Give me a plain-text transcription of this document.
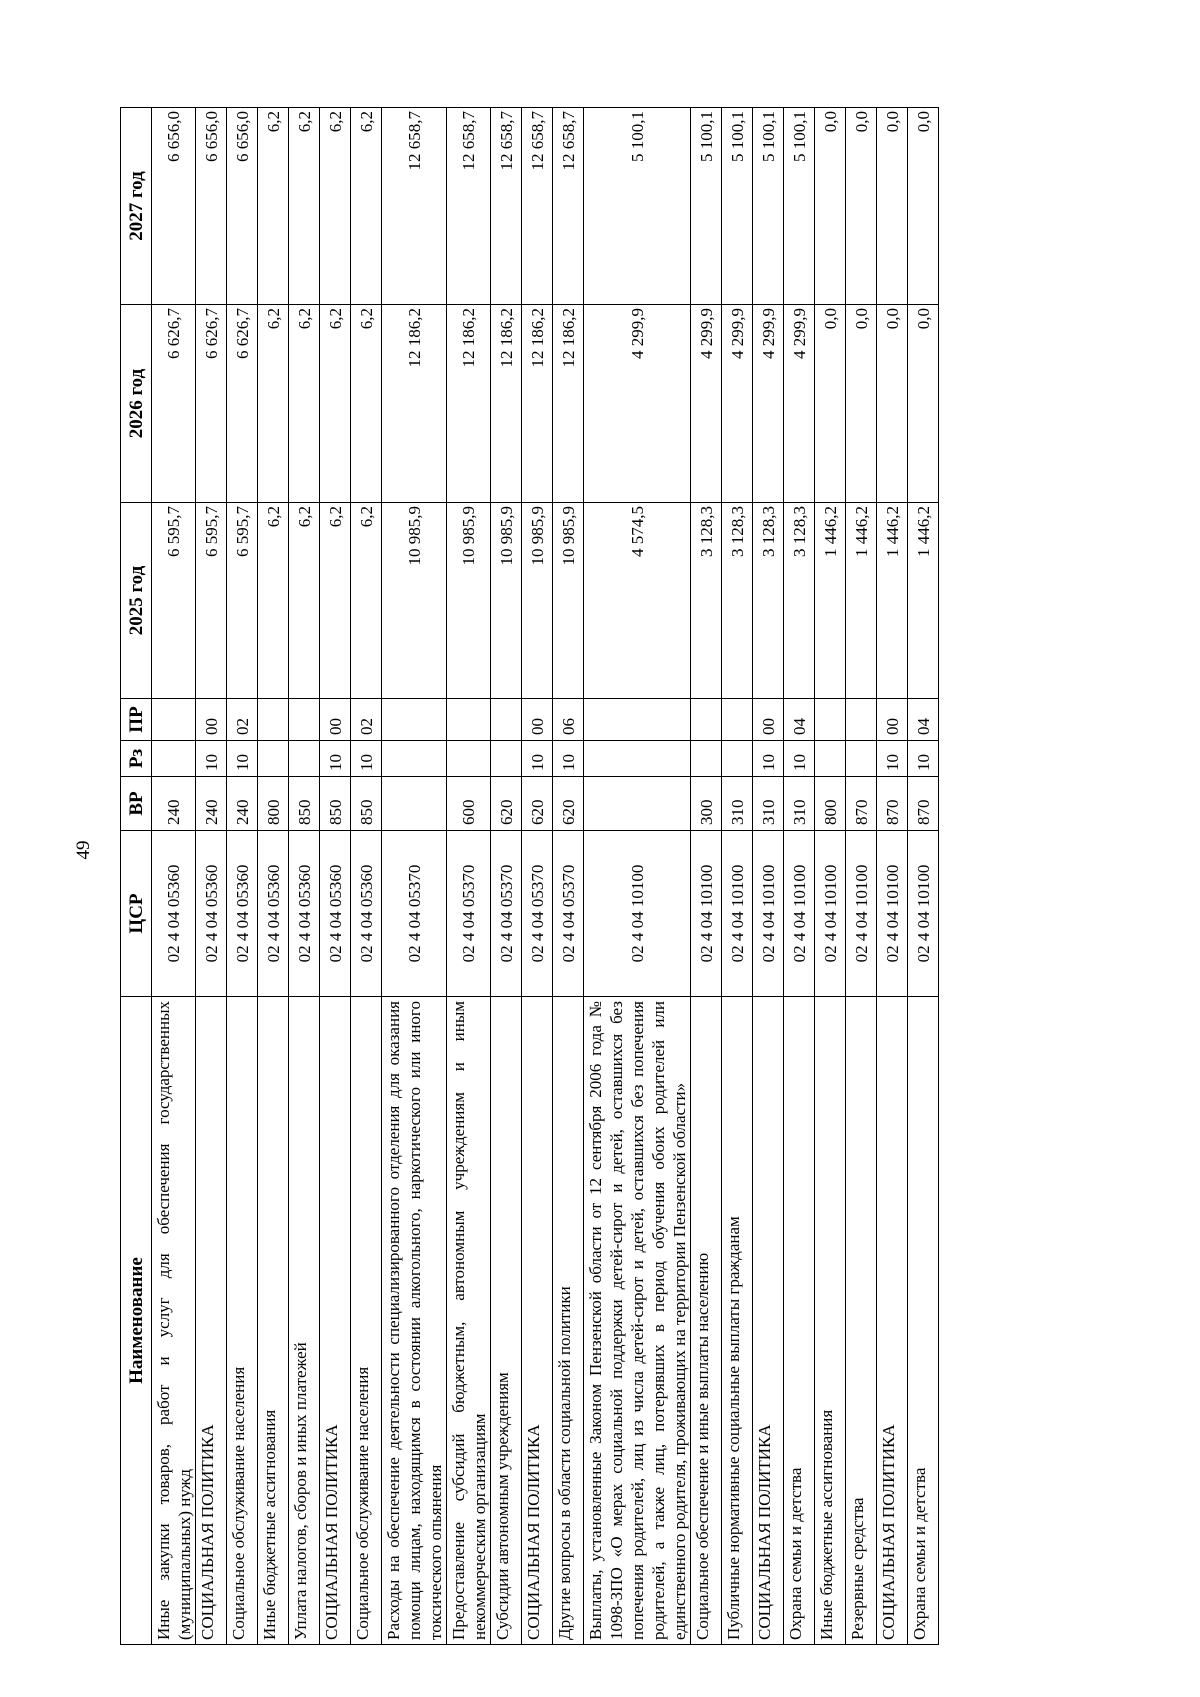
49
Наименование	ЦСР	ВР	Рз	ПР	2025 год	2026 год	2027 год
Иные закупки товаров, работ и услуг для обеспечения государственных (муниципальных) нужд	02 4 04 05360	240			6 595,7	6 626,7	6 656,0
СОЦИАЛЬНАЯ ПОЛИТИКА	02 4 04 05360	240	10	00	6 595,7	6 626,7	6 656,0
Социальное обслуживание населения	02 4 04 05360	240	10	02	6 595,7	6 626,7	6 656,0
Иные бюджетные ассигнования	02 4 04 05360	800			6,2	6,2	6,2
Уплата налогов, сборов и иных платежей	02 4 04 05360	850			6,2	6,2	6,2
СОЦИАЛЬНАЯ ПОЛИТИКА	02 4 04 05360	850	10	00	6,2	6,2	6,2
Социальное обслуживание населения	02 4 04 05360	850	10	02	6,2	6,2	6,2
Расходы на обеспечение деятельности специализированного отделения для оказания помощи лицам, находящимся в состоянии алкогольного, наркотического или иного токсического опьянения	02 4 04 05370				10 985,9	12 186,2	12 658,7
Предоставление субсидий бюджетным, автономным учреждениям и иным некоммерческим организациям	02 4 04 05370	600			10 985,9	12 186,2	12 658,7
Субсидии автономным учреждениям	02 4 04 05370	620			10 985,9	12 186,2	12 658,7
СОЦИАЛЬНАЯ ПОЛИТИКА	02 4 04 05370	620	10	00	10 985,9	12 186,2	12 658,7
Другие вопросы в области социальной политики	02 4 04 05370	620	10	06	10 985,9	12 186,2	12 658,7
Выплаты, установленные Законом Пензенской области от 12 сентября 2006 года № 1098-ЗПО «О мерах социальной поддержки детей-сирот и детей, оставшихся без попечения родителей, лиц из числа детей-сирот и детей, оставшихся без попечения родителей, а также лиц, потерявших в период обучения обоих родителей или единственного родителя, проживающих на территории Пензенской области»	02 4 04 10100				4 574,5	4 299,9	5 100,1
Социальное обеспечение и иные выплаты населению	02 4 04 10100	300			3 128,3	4 299,9	5 100,1
Публичные нормативные социальные выплаты гражданам	02 4 04 10100	310			3 128,3	4 299,9	5 100,1
СОЦИАЛЬНАЯ ПОЛИТИКА	02 4 04 10100	310	10	00	3 128,3	4 299,9	5 100,1
Охрана семьи и детства	02 4 04 10100	310	10	04	3 128,3	4 299,9	5 100,1
Иные бюджетные ассигнования	02 4 04 10100	800			1 446,2	0,0	0,0
Резервные средства	02 4 04 10100	870			1 446,2	0,0	0,0
СОЦИАЛЬНАЯ ПОЛИТИКА	02 4 04 10100	870	10	00	1 446,2	0,0	0,0
Охрана семьи и детства	02 4 04 10100	870	10	04	1 446,2	0,0	0,0
